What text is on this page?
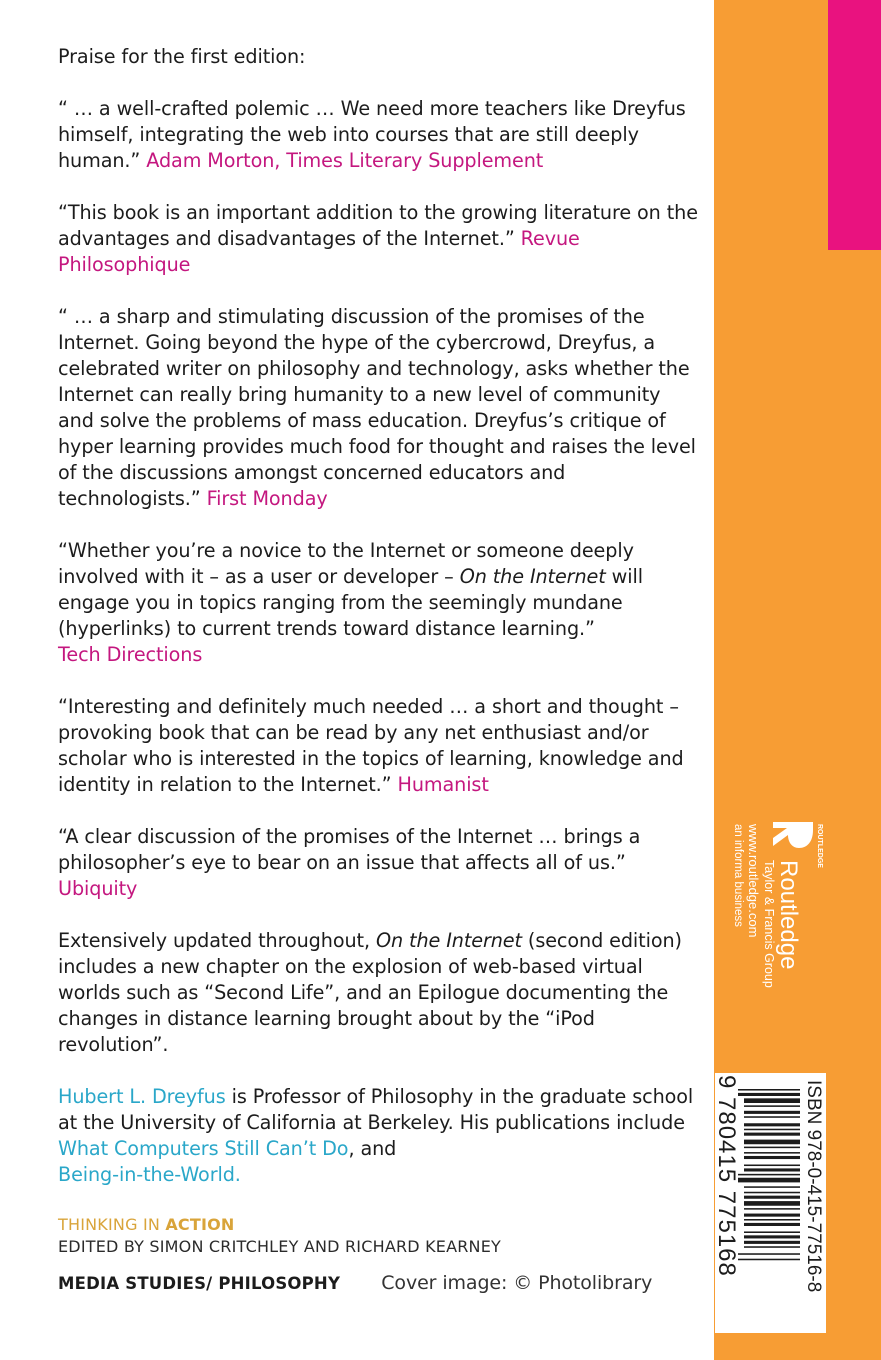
Praise for the first edition:

“ … a well-crafted polemic … We need more teachers like Dreyfus himself, integrating the web into courses that are still deeply human.” Adam Morton, Times Literary Supplement

“This book is an important addition to the growing literature on the advantages and disadvantages of the Internet.” Revue Philosophique

“ … a sharp and stimulating discussion of the promises of the Internet. Going beyond the hype of the cybercrowd, Dreyfus, a celebrated writer on philosophy and technology, asks whether the Internet can really bring humanity to a new level of community and solve the problems of mass education. Dreyfus’s critique of hyper learning provides much food for thought and raises the level of the discussions amongst concerned educators and technologists.” First Monday

“Whether you’re a novice to the Internet or someone deeply involved with it – as a user or developer – On the Internet will engage you in topics ranging from the seemingly mundane (hyperlinks) to current trends toward distance learning.”
Tech Directions

“Interesting and definitely much needed … a short and thought – provoking book that can be read by any net enthusiast and/or scholar who is interested in the topics of learning, knowledge and identity in relation to the Internet.” Humanist

“A clear discussion of the promises of the Internet … brings a philosopher’s eye to bear on an issue that affects all of us.”
Ubiquity

Extensively updated throughout, On the Internet (second edition) includes a new chapter on the explosion of web-based virtual worlds such as “Second Life”, and an Epilogue documenting the changes in distance learning brought about by the “iPod revolution”.

Hubert L. Dreyfus is Professor of Philosophy in the graduate school at the University of California at Berkeley. His publications include What Computers Still Can’t Do, and
Being-in-the-World.

THINKING IN ACTION
EDITED BY SIMON CRITCHLEY AND RICHARD KEARNEY
MEDIA STUDIES/ PHILOSOPHY Cover image: © Photolibrary
ROUTLEDGE
Routledge
Taylor & Francis Group
www.routledge.com
an informa business
ISBN 978-0-415-77516-8
9 780415 775168
